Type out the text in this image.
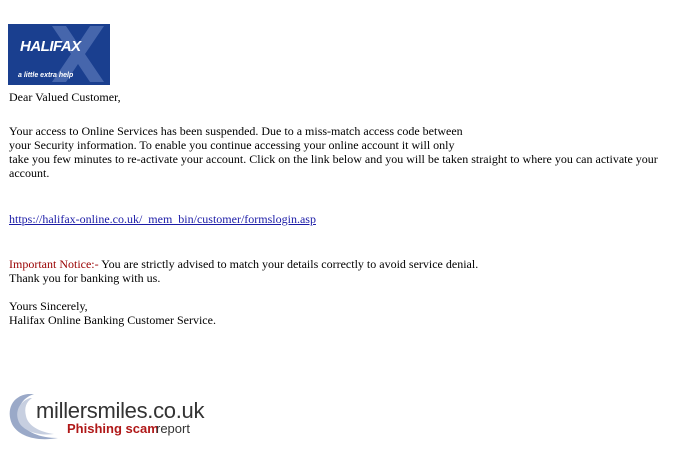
HALIFAX
a little extra help
Dear Valued Customer,
Your access to Online Services has been suspended. Due to a miss-match access code between
your Security information. To enable you continue accessing your online account it will only
take you few minutes to re-activate your account. Click on the link below and you will be taken straight to where you can activate your
account.
https://halifax-online.co.uk/_mem_bin/customer/formslogin.asp
Important Notice:- You are strictly advised to match your details correctly to avoid service denial.
Thank you for banking with us.
Yours Sincerely,
Halifax Online Banking Customer Service.
millersmiles.co.uk
Phishing scam
report
